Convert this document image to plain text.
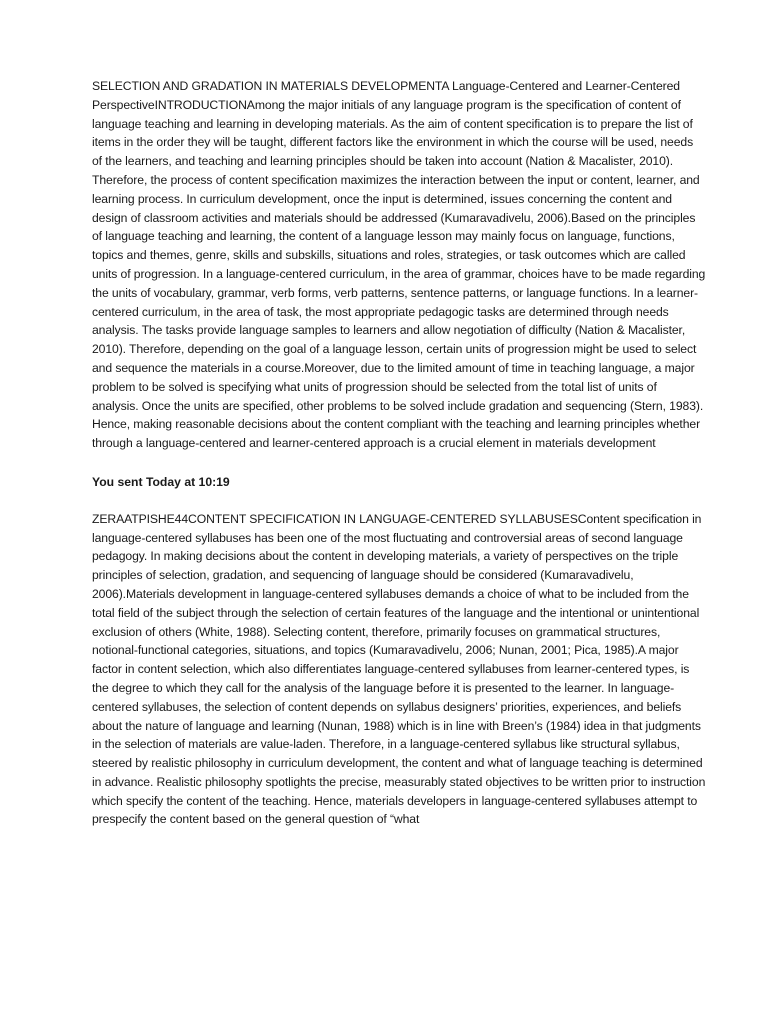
SELECTION AND GRADATION IN MATERIALS DEVELOPMENTA Language-Centered and Learner-Centered PerspectiveINTRODUCTIONAmong the major initials of any language program is the specification of content of language teaching and learning in developing materials. As the aim of content specification is to prepare the list of items in the order they will be taught, different factors like the environment in which the course will be used, needs of the learners, and teaching and learning principles should be taken into account (Nation & Macalister, 2010). Therefore, the process of content specification maximizes the interaction between the input or content, learner, and learning process. In curriculum development, once the input is determined, issues concerning the content and design of classroom activities and materials should be addressed (Kumaravadivelu, 2006).Based on the principles of language teaching and learning, the content of a language lesson may mainly focus on language, functions, topics and themes, genre, skills and subskills, situations and roles, strategies, or task outcomes which are called units of progression. In a language-centered curriculum, in the area of grammar, choices have to be made regarding the units of vocabulary, grammar, verb forms, verb patterns, sentence patterns, or language functions. In a learner-centered curriculum, in the area of task, the most appropriate pedagogic tasks are determined through needs analysis. The tasks provide language samples to learners and allow negotiation of difficulty (Nation & Macalister, 2010). Therefore, depending on the goal of a language lesson, certain units of progression might be used to select and sequence the materials in a course.Moreover, due to the limited amount of time in teaching language, a major problem to be solved is specifying what units of progression should be selected from the total list of units of analysis. Once the units are specified, other problems to be solved include gradation and sequencing (Stern, 1983). Hence, making reasonable decisions about the content compliant with the teaching and learning principles whether through a language-centered and learner-centered approach is a crucial element in materials development

You sent Today at 10:19

ZERAATPISHE44CONTENT SPECIFICATION IN LANGUAGE-CENTERED SYLLABUSESContent specification in language-centered syllabuses has been one of the most fluctuating and controversial areas of second language pedagogy. In making decisions about the content in developing materials, a variety of perspectives on the triple principles of selection, gradation, and sequencing of language should be considered (Kumaravadivelu, 2006).Materials development in language-centered syllabuses demands a choice of what to be included from the total field of the subject through the selection of certain features of the language and the intentional or unintentional exclusion of others (White, 1988). Selecting content, therefore, primarily focuses on grammatical structures, notional-functional categories, situations, and topics (Kumaravadivelu, 2006; Nunan, 2001; Pica, 1985).A major factor in content selection, which also differentiates language-centered syllabuses from learner-centered types, is the degree to which they call for the analysis of the language before it is presented to the learner. In language-centered syllabuses, the selection of content depends on syllabus designers’ priorities, experiences, and beliefs about the nature of language and learning (Nunan, 1988) which is in line with Breen’s (1984) idea in that judgments in the selection of materials are value-laden. Therefore, in a language-centered syllabus like structural syllabus, steered by realistic philosophy in curriculum development, the content and what of language teaching is determined in advance. Realistic philosophy spotlights the precise, measurably stated objectives to be written prior to instruction which specify the content of the teaching. Hence, materials developers in language-centered syllabuses attempt to prespecify the content based on the general question of “what
